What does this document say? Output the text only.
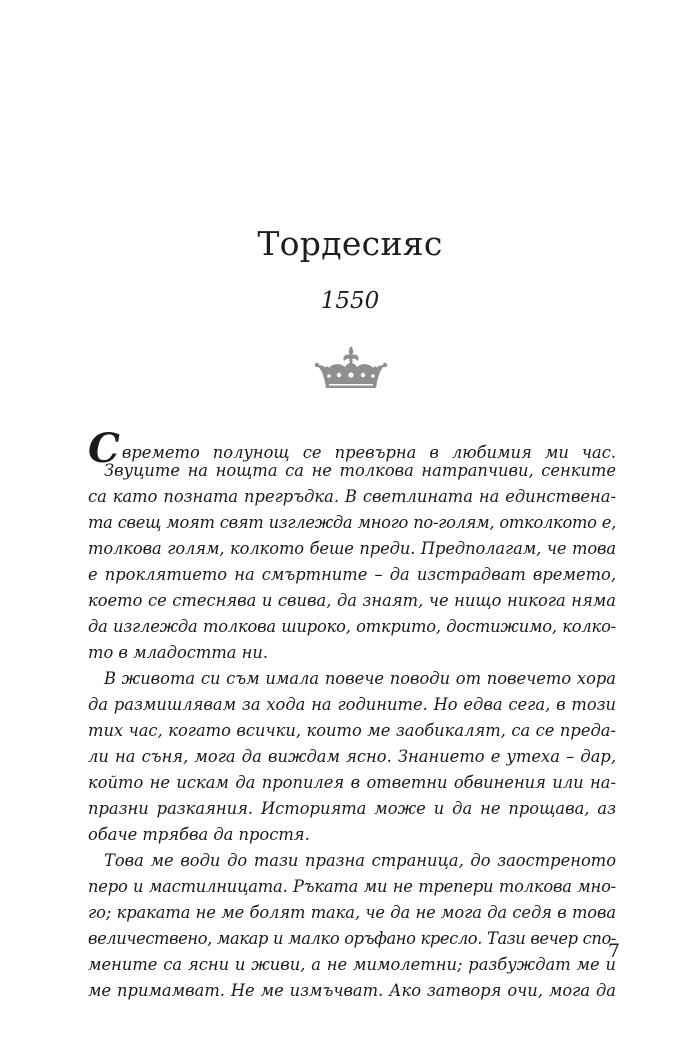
Тордесияс
1550
Свремето полунощ се превърна в любимия ми час.
Звуците на нощта са не толкова натрапчиви, сенките
са като позната прегръдка. В светлината на единствена-
та свещ моят свят изглежда много по-голям, отколкото е,
толкова голям, колкото беше преди. Предполагам, че това
е проклятието на смъртните – да изстрадват времето,
което се стеснява и свива, да знаят, че нищо никога няма
да изглежда толкова широко, открито, достижимо, колко-
то в младостта ни.
В живота си съм имала повече поводи от повечето хора
да размишлявам за хода на годините. Но едва сега, в този
тих час, когато всички, които ме заобикалят, са се преда-
ли на съня, мога да виждам ясно. Знанието е утеха – дар,
който не искам да пропилея в ответни обвинения или на-
празни разкаяния. Историята може и да не прощава, аз
обаче трябва да простя.
Това ме води до тази празна страница, до заостреното
перо и мастилницата. Ръката ми не трепери толкова мно-
го; краката не ме болят така, че да не мога да седя в това
величествено, макар и малко оръфано кресло. Тази вечер спо-
мените са ясни и живи, а не мимолетни; разбуждат ме и
ме примамват. Не ме измъчват. Ако затворя очи, мога да
7
